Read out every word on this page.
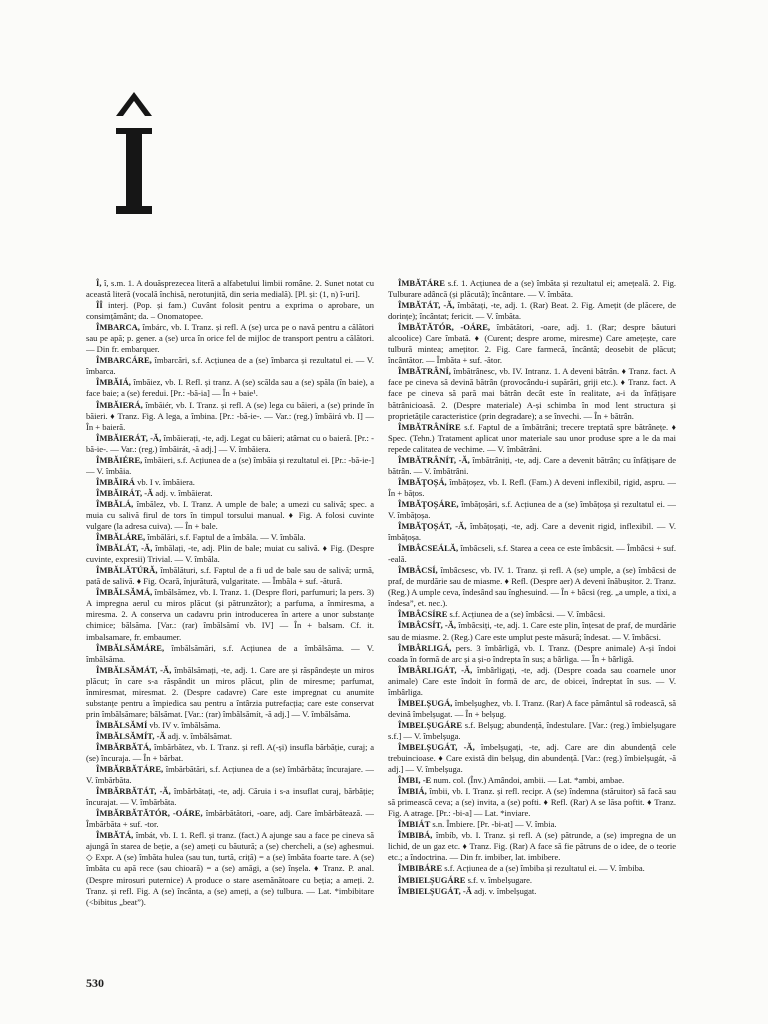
Î, î, s.m. 1. A douăsprezecea literă a alfabetului limbii române. 2. Sunet notat cu această literă (vocală închisă, nerotunjită, din seria medială). [Pl. și: (1, n) î-uri].

ÎÎ interj. (Pop. și fam.) Cuvânt folosit pentru a exprima o aprobare, un consimțământ; da. – Onomatopee.

ÎMBARCA, îmbárc, vb. I. Tranz. și refl. A (se) urca pe o navă pentru a călători sau pe apă; p. gener. a (se) urca în orice fel de mijloc de transport pentru a călători. — Din fr. embarquer.

ÎMBARCÁRE, îmbarcări, s.f. Acțiunea de a (se) îmbarca și rezultatul ei. — V. îmbarca.

ÎMBĂIÁ, îmbăiez, vb. I. Refl. și tranz. A (se) scălda sau a (se) spăla (în baie), a face baie; a (se) feredui. [Pr.: -bă-ia] — În + baie¹.

ÎMBĂIERÁ, îmbăiér, vb. I. Tranz. și refl. A (se) lega cu băieri, a (se) prinde în băieri. ♦ Tranz. Fig. A lega, a îmbina. [Pr.: -bă-ie-. — Var.: (reg.) îmbăirá vb. I] — În + baieră.

ÎMBĂIERÁT, -Ă, îmbăierați, -te, adj. Legat cu băieri; atârnat cu o baieră. [Pr.: -bă-ie-. — Var.: (reg.) îmbăirát, -ă adj.] — V. îmbăiera.

ÎMBĂIÉRE, îmbăieri, s.f. Acțiunea de a (se) îmbăia și rezultatul ei. [Pr.: -bă-ie-] — V. îmbăia.

ÎMBĂIRÁ vb. I v. îmbăiera.

ÎMBĂIRÁT, -Ă adj. v. îmbăierat.

ÎMBĂLÁ, îmbălez, vb. I. Tranz. A umple de bale; a umezi cu salivă; spec. a muia cu salivă firul de tors în timpul torsului manual. ♦ Fig. A folosi cuvinte vulgare (la adresa cuiva). — În + bale.

ÎMBĂLÁRE, îmbălări, s.f. Faptul de a îmbăla. — V. îmbăla.

ÎMBĂLÁT, -Ă, îmbălați, -te, adj. Plin de bale; muiat cu salivă. ♦ Fig. (Despre cuvinte, expresii) Trivial. — V. îmbăla.

ÎMBĂLĂTÚRĂ, îmbălături, s.f. Faptul de a fi ud de bale sau de salivă; urmă, pată de salivă. ♦ Fig. Ocară, înjurătură, vulgaritate. — Îmbăla + suf. -ătură.

ÎMBĂLSĂMÁ, îmbălsămez, vb. I. Tranz. 1. (Despre flori, parfumuri; la pers. 3) A impregna aerul cu miros plăcut (și pătrunzător); a parfuma, a înmiresma, a miresma. 2. A conserva un cadavru prin introducerea în artere a unor substanțe chimice; bălsăma. [Var.: (rar) îmbălsămí vb. IV] — În + balsam. Cf. it. imbalsamare, fr. embaumer.

ÎMBĂLSĂMÁRE, îmbălsămări, s.f. Acțiunea de a îmbălsăma. — V. îmbălsăma.

ÎMBĂLSĂMÁT, -Ă, îmbălsămați, -te, adj. 1. Care are și răspândește un miros plăcut; în care s-a răspândit un miros plăcut, plin de miresme; parfumat, înmiresmat, miresmat. 2. (Despre cadavre) Care este impregnat cu anumite substanțe pentru a împiedica sau pentru a întârzia putrefacția; care este conservat prin îmbălsămare; bălsămat. [Var.: (rar) îmbălsămít, -ă adj.] — V. îmbălsăma.

ÎMBĂLSĂMÍ vb. IV v. îmbălsăma.

ÎMBĂLSĂMÍT, -Ă adj. v. îmbălsămat.

ÎMBĂRBĂTÁ, îmbărbătez, vb. I. Tranz. și refl. A(-și) insufla bărbăție, curaj; a (se) încuraja. — În + bărbat.

ÎMBĂRBĂTÁRE, îmbărbătări, s.f. Acțiunea de a (se) îmbărbăta; încurajare. — V. îmbărbăta.

ÎMBĂRBĂTÁT, -Ă, îmbărbătați, -te, adj. Căruia i s-a insuflat curaj, bărbăție; încurajat. — V. îmbărbăta.

ÎMBĂRBĂTĂTÓR, -OÁRE, îmbărbătători, -oare, adj. Care îmbărbătează. — Îmbărbăta + suf. -tor.

ÎMBĂTÁ, îmbát, vb. I. 1. Refl. și tranz. (fact.) A ajunge sau a face pe cineva să ajungă în starea de beție, a (se) ameți cu băutură; a (se) chercheli, a (se) aghesmui. ◇ Expr. A (se) îmbăta hulea (sau tun, turtă, criță) = a (se) îmbăta foarte tare. A (se) îmbăta cu apă rece (sau chioară) = a (se) amăgi, a (se) înșela. ♦ Tranz. P. anal. (Despre mirosuri puternice) A produce o stare asemănătoare cu beția; a ameți. 2. Tranz. și refl. Fig. A (se) încânta, a (se) ameți, a (se) tulbura. — Lat. *imbibitare (<bibitus „beat”).

ÎMBĂTÁRE s.f. 1. Acțiunea de a (se) îmbăta și rezultatul ei; amețeală. 2. Fig. Tulburare adâncă (și plăcută); încântare. — V. îmbăta.

ÎMBĂTÁT, -Ă, îmbătați, -te, adj. 1. (Rar) Beat. 2. Fig. Amețit (de plăcere, de dorințe); încântat; fericit. — V. îmbăta.

ÎMBĂTĂTÓR, -OÁRE, îmbătători, -oare, adj. 1. (Rar; despre băuturi alcoolice) Care îmbată. ♦ (Curent; despre arome, miresme) Care amețește, care tulbură mintea; amețitor. 2. Fig. Care farmecă, încântă; deosebit de plăcut; încântător. — Îmbăta + suf. -ător.

ÎMBĂTRÂNÍ, îmbătrânesc, vb. IV. Intranz. 1. A deveni bătrân. ♦ Tranz. fact. A face pe cineva să devină bătrân (provocându-i supărări, griji etc.). ♦ Tranz. fact. A face pe cineva să pară mai bătrân decât este în realitate, a-i da înfățișare bătrânicioasă. 2. (Despre materiale) A-și schimba în mod lent structura și proprietățile caracteristice (prin degradare); a se învechi. — În + bătrân.

ÎMBĂTRÂNÍRE s.f. Faptul de a îmbătrâni; trecere treptată spre bătrânețe. ♦ Spec. (Tehn.) Tratament aplicat unor materiale sau unor produse spre a le da mai repede calitatea de vechime. — V. îmbătrâni.

ÎMBĂTRÂNÍT, -Ă, îmbătrâniți, -te, adj. Care a devenit bătrân; cu înfățișare de bătrân. — V. îmbătrâni.

ÎMBĂŢOȘÁ, îmbățoșez, vb. I. Refl. (Fam.) A deveni inflexibil, rigid, aspru. — În + bățos.

ÎMBĂŢOȘÁRE, îmbățoșări, s.f. Acțiunea de a (se) îmbățoșa și rezultatul ei. — V. îmbățoșa.

ÎMBĂŢOȘÁT, -Ă, îmbățoșați, -te, adj. Care a devenit rigid, inflexibil. — V. îmbățoșa.

ÎMBÂCSEÁLĂ, îmbâcseli, s.f. Starea a ceea ce este îmbâcsit. — Îmbâcsi + suf. -eală.

ÎMBÂCSÍ, îmbâcsesc, vb. IV. 1. Tranz. și refl. A (se) umple, a (se) îmbâcsi de praf, de murdărie sau de miasme. ♦ Refl. (Despre aer) A deveni înăbușitor. 2. Tranz. (Reg.) A umple ceva, îndesând sau înghesuind. — În + bâcsi (reg. „a umple, a tixi, a îndesa”, et. nec.).

ÎMBÂCSÍRE s.f. Acțiunea de a (se) îmbâcsi. — V. îmbâcsi.

ÎMBÂCSÍT, -Ă, îmbâcsiți, -te, adj. 1. Care este plin, înțesat de praf, de murdărie sau de miasme. 2. (Reg.) Care este umplut peste măsură; îndesat. — V. îmbâcsi.

ÎMBÂRLIGÁ, pers. 3 îmbârligă, vb. I. Tranz. (Despre animale) A-și îndoi coada în formă de arc și a și-o îndrepta în sus; a bârliga. — În + bârligă.

ÎMBÂRLIGÁT, -Ă, îmbârligați, -te, adj. (Despre coada sau coarnele unor animale) Care este îndoit în formă de arc, de obicei, îndreptat în sus. — V. îmbârliga.

ÎMBELȘUGÁ, îmbelșughez, vb. I. Tranz. (Rar) A face pământul să rodească, să devină îmbelșugat. — În + belșug.

ÎMBELȘUGÁRE s.f. Belșug; abundență, îndestulare. [Var.: (reg.) îmbielșugare s.f.] — V. îmbelșuga.

ÎMBELȘUGÁT, -Ă, îmbelșugați, -te, adj. Care are din abundență cele trebuincioase. ♦ Care există din belșug, din abundență. [Var.: (reg.) îmbielșugát, -ă adj.] — V. îmbelșuga.

ÎMBI, -E num. col. (Înv.) Amândoi, ambii. — Lat. *ambi, ambae.

ÎMBIÁ, îmbii, vb. I. Tranz. și refl. recipr. A (se) îndemna (stăruitor) să facă sau să primească ceva; a (se) invita, a (se) pofti. ♦ Refl. (Rar) A se lăsa poftit. ♦ Tranz. Fig. A atrage. [Pr.: -bi-a] — Lat. *inviare.

ÎMBIÁT s.n. Îmbiere. [Pr. -bi-at] — V. îmbia.

ÎMBIBÁ, îmbíb, vb. I. Tranz. și refl. A (se) pătrunde, a (se) impregna de un lichid, de un gaz etc. ♦ Tranz. Fig. (Rar) A face să fie pătruns de o idee, de o teorie etc.; a îndoctrina. — Din fr. imbiber, lat. imbibere.

ÎMBIBÁRE s.f. Acțiunea de a (se) îmbiba și rezultatul ei. — V. îmbiba.

ÎMBIELȘUGÁRE s.f. v. îmbelșugare.

ÎMBIELȘUGÁT, -Ă adj. v. îmbelșugat.

530
